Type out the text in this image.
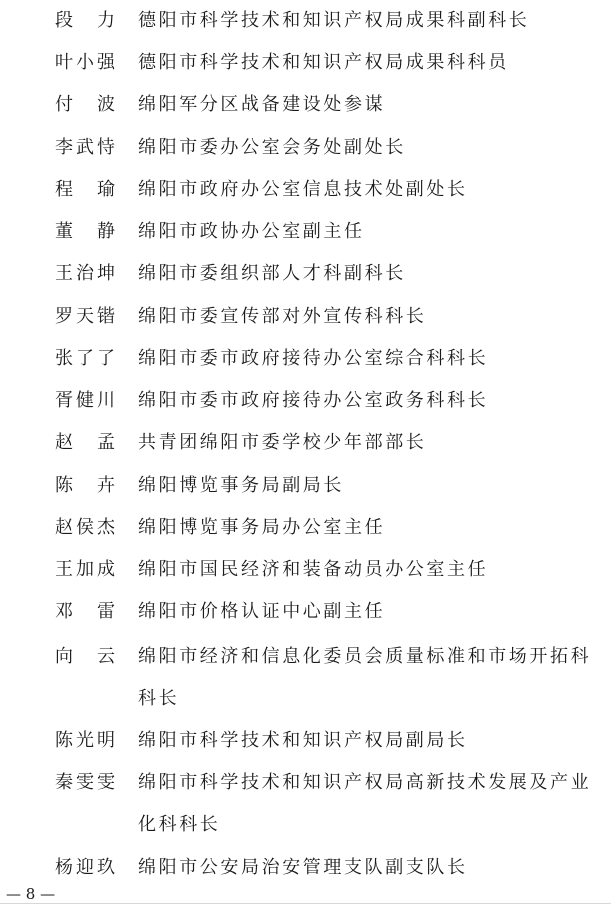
段　力 德阳市科学技术和知识产权局成果科副科长
叶小强 德阳市科学技术和知识产权局成果科科员
付　波 绵阳军分区战备建设处参谋
李武恃 绵阳市委办公室会务处副处长
程　瑜 绵阳市政府办公室信息技术处副处长
董　静 绵阳市政协办公室副主任
王治坤 绵阳市委组织部人才科副科长
罗天锴 绵阳市委宣传部对外宣传科科长
张了了 绵阳市委市政府接待办公室综合科科长
胥健川 绵阳市委市政府接待办公室政务科科长
赵　孟 共青团绵阳市委学校少年部部长
陈　卉 绵阳博览事务局副局长
赵侯杰 绵阳博览事务局办公室主任
王加成 绵阳市国民经济和装备动员办公室主任
邓　雷 绵阳市价格认证中心副主任
向　云 绵阳市经济和信息化委员会质量标准和市场开拓科
科长
陈光明 绵阳市科学技术和知识产权局副局长
秦雯雯 绵阳市科学技术和知识产权局高新技术发展及产业
化科科长
杨迎玖 绵阳市公安局治安管理支队副支队长
— 8 —
